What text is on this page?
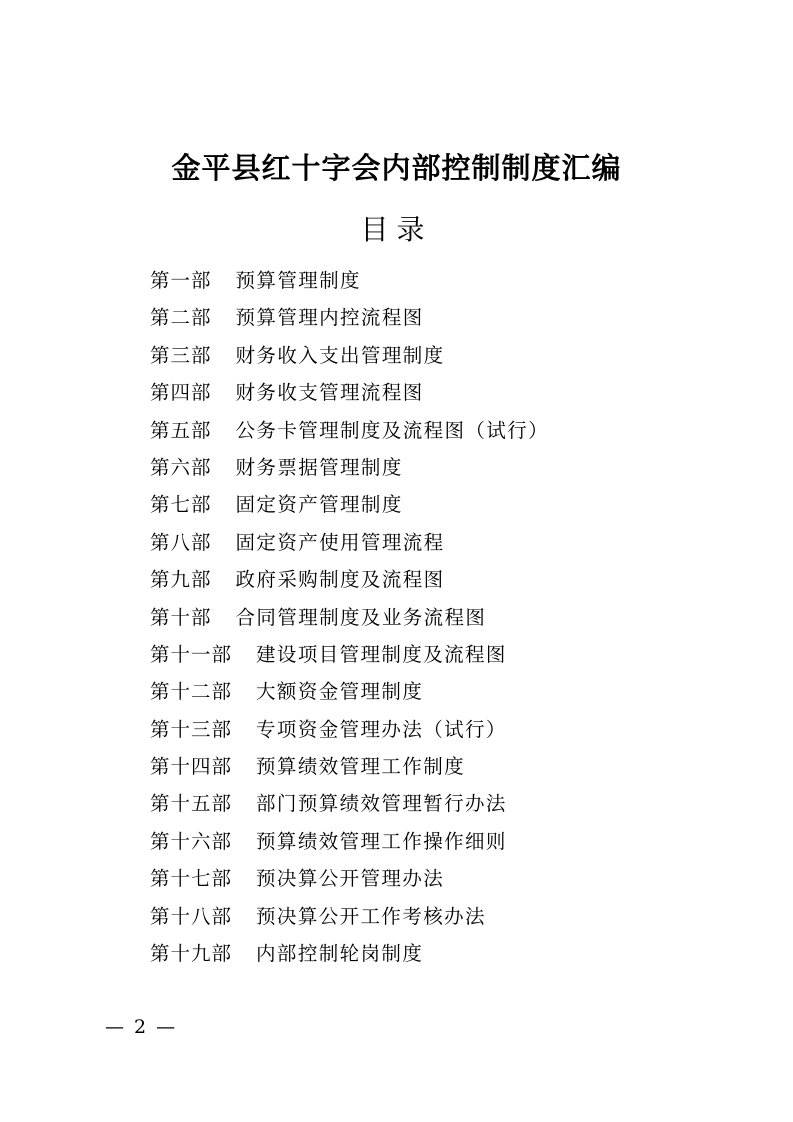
金平县红十字会内部控制制度汇编
目录
第一部 预算管理制度
第二部 预算管理内控流程图
第三部 财务收入支出管理制度
第四部 财务收支管理流程图
第五部 公务卡管理制度及流程图（试行）
第六部 财务票据管理制度
第七部 固定资产管理制度
第八部 固定资产使用管理流程
第九部 政府采购制度及流程图
第十部 合同管理制度及业务流程图
第十一部 建设项目管理制度及流程图
第十二部 大额资金管理制度
第十三部 专项资金管理办法（试行）
第十四部 预算绩效管理工作制度
第十五部 部门预算绩效管理暂行办法
第十六部 预算绩效管理工作操作细则
第十七部 预决算公开管理办法
第十八部 预决算公开工作考核办法
第十九部 内部控制轮岗制度
— 2 —
